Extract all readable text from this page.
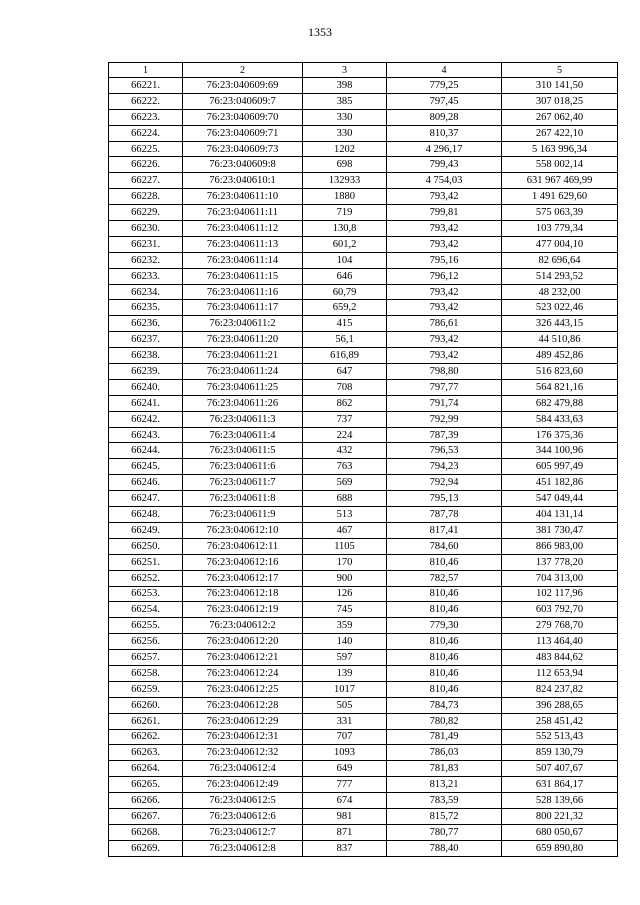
1353
1	2	3	4	5
66221.	76:23:040609:69	398	779,25	310 141,50
66222.	76:23:040609:7	385	797,45	307 018,25
66223.	76:23:040609:70	330	809,28	267 062,40
66224.	76:23:040609:71	330	810,37	267 422,10
66225.	76:23:040609:73	1202	4 296,17	5 163 996,34
66226.	76:23:040609:8	698	799,43	558 002,14
66227.	76:23:040610:1	132933	4 754,03	631 967 469,99
66228.	76:23:040611:10	1880	793,42	1 491 629,60
66229.	76:23:040611:11	719	799,81	575 063,39
66230.	76:23:040611:12	130,8	793,42	103 779,34
66231.	76:23:040611:13	601,2	793,42	477 004,10
66232.	76:23:040611:14	104	795,16	82 696,64
66233.	76:23:040611:15	646	796,12	514 293,52
66234.	76:23:040611:16	60,79	793,42	48 232,00
66235.	76:23:040611:17	659,2	793,42	523 022,46
66236.	76:23:040611:2	415	786,61	326 443,15
66237.	76:23:040611:20	56,1	793,42	44 510,86
66238.	76:23:040611:21	616,89	793,42	489 452,86
66239.	76:23:040611:24	647	798,80	516 823,60
66240.	76:23:040611:25	708	797,77	564 821,16
66241.	76:23:040611:26	862	791,74	682 479,88
66242.	76:23:040611:3	737	792,99	584 433,63
66243.	76:23:040611:4	224	787,39	176 375,36
66244.	76:23:040611:5	432	796,53	344 100,96
66245.	76:23:040611:6	763	794,23	605 997,49
66246.	76:23:040611:7	569	792,94	451 182,86
66247.	76:23:040611:8	688	795,13	547 049,44
66248.	76:23:040611:9	513	787,78	404 131,14
66249.	76:23:040612:10	467	817,41	381 730,47
66250.	76:23:040612:11	1105	784,60	866 983,00
66251.	76:23:040612:16	170	810,46	137 778,20
66252.	76:23:040612:17	900	782,57	704 313,00
66253.	76:23:040612:18	126	810,46	102 117,96
66254.	76:23:040612:19	745	810,46	603 792,70
66255.	76:23:040612:2	359	779,30	279 768,70
66256.	76:23:040612:20	140	810,46	113 464,40
66257.	76:23:040612:21	597	810,46	483 844,62
66258.	76:23:040612:24	139	810,46	112 653,94
66259.	76:23:040612:25	1017	810,46	824 237,82
66260.	76:23:040612:28	505	784,73	396 288,65
66261.	76:23:040612:29	331	780,82	258 451,42
66262.	76:23:040612:31	707	781,49	552 513,43
66263.	76:23:040612:32	1093	786,03	859 130,79
66264.	76:23:040612:4	649	781,83	507 407,67
66265.	76:23:040612:49	777	813,21	631 864,17
66266.	76:23:040612:5	674	783,59	528 139,66
66267.	76:23:040612:6	981	815,72	800 221,32
66268.	76:23:040612:7	871	780,77	680 050,67
66269.	76:23:040612:8	837	788,40	659 890,80
